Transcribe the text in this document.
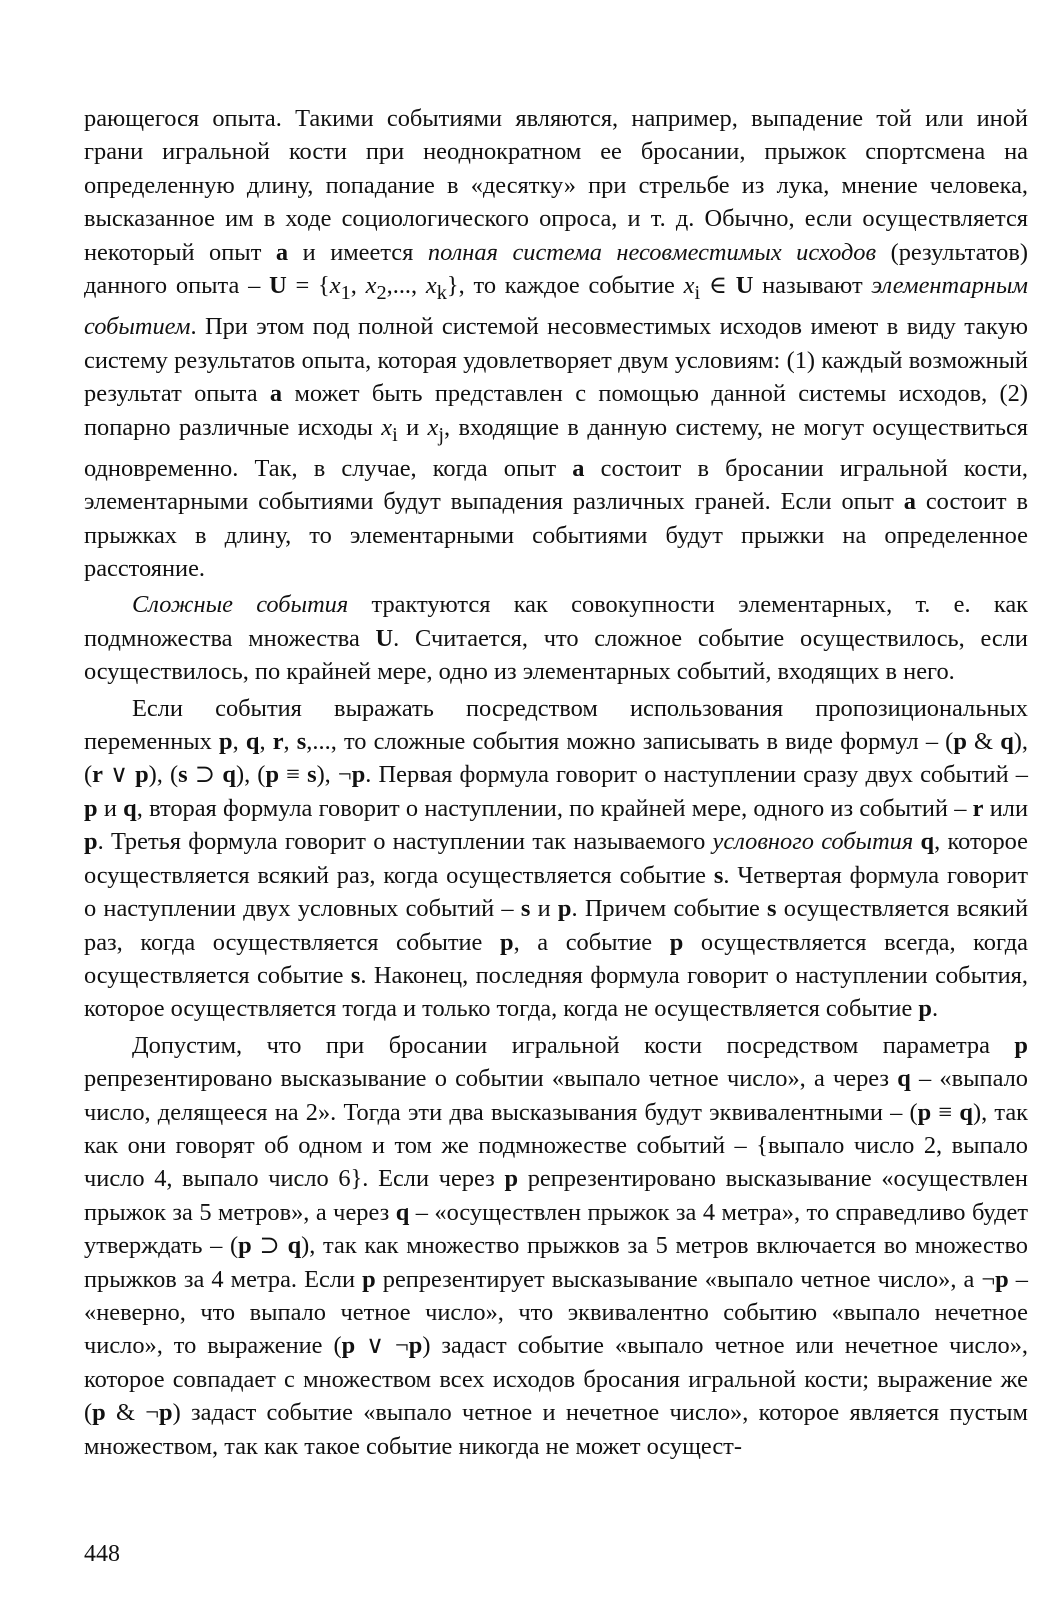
рающегося опыта. Такими событиями являются, например, выпадение той или иной грани игральной кости при неоднократном ее бросании, прыжок спортсмена на определенную длину, попадание в «десятку» при стрельбе из лука, мнение человека, высказанное им в ходе социологического опроса, и т. д. Обычно, если осуществляется некоторый опыт a и имеется полная система несовместимых исходов (результатов) данного опыта – $U = \{x_1$, $x_2$,..., $x_k$}, то каждое событие $x_i$ ∈ U называют элементарным событием. При этом под полной системой несовместимых исходов имеют в виду такую систему результатов опыта, которая удовлетворяет двум условиям: (1) каждый возможный результат опыта a может быть представлен с помощью данной системы исходов, (2) попарно различные исходы $x_i$ и $x_j$, входящие в данную систему, не могут осуществиться одновременно. Так, в случае, когда опыт a состоит в бросании игральной кости, элементарными событиями будут выпадения различных граней. Если опыт a состоит в прыжках в длину, то элементарными событиями будут прыжки на определенное расстояние.

Сложные события трактуются как совокупности элементарных, т. е. как подмножества множества U. Считается, что сложное событие осуществилось, если осуществилось, по крайней мере, одно из элементарных событий, входящих в него.

Если события выражать посредством использования пропозициональных переменных p, q, r, s,..., то сложные события можно записывать в виде формул – (p & q), (r ∨ p), (s ⊃ q), (p ≡ s), ¬p. Первая формула говорит о наступлении сразу двух событий – p и q, вторая формула говорит о наступлении, по крайней мере, одного из событий – r или p. Третья формула говорит о наступлении так называемого условного события q, которое осуществляется всякий раз, когда осуществляется событие s. Четвертая формула говорит о наступлении двух условных событий – s и p. Причем событие s осуществляется всякий раз, когда осуществляется событие p, а событие p осуществляется всегда, когда осуществляется событие s. Наконец, последняя формула говорит о наступлении события, которое осуществляется тогда и только тогда, когда не осуществляется событие p.

Допустим, что при бросании игральной кости посредством параметра p репрезентировано высказывание о событии «выпало четное число», а через q – «выпало число, делящееся на 2». Тогда эти два высказывания будут эквивалентными – (p ≡ q), так как они говорят об одном и том же подмножестве событий – {выпало число 2, выпало число 4, выпало число 6}. Если через p репрезентировано высказывание «осуществлен прыжок за 5 метров», а через q – «осуществлен прыжок за 4 метра», то справедливо будет утверждать – (p ⊃ q), так как множество прыжков за 5 метров включается во множество прыжков за 4 метра. Если p репрезентирует высказывание «выпало четное число», а ¬p – «неверно, что выпало четное число», что эквивалентно событию «выпало нечетное число», то выражение (p ∨ ¬p) задаст событие «выпало четное или нечетное число», которое совпадает с множеством всех исходов бросания игральной кости; выражение же (p & ¬p) задаст событие «выпало четное и нечетное число», которое является пустым множеством, так как такое событие никогда не может осущест-

448
